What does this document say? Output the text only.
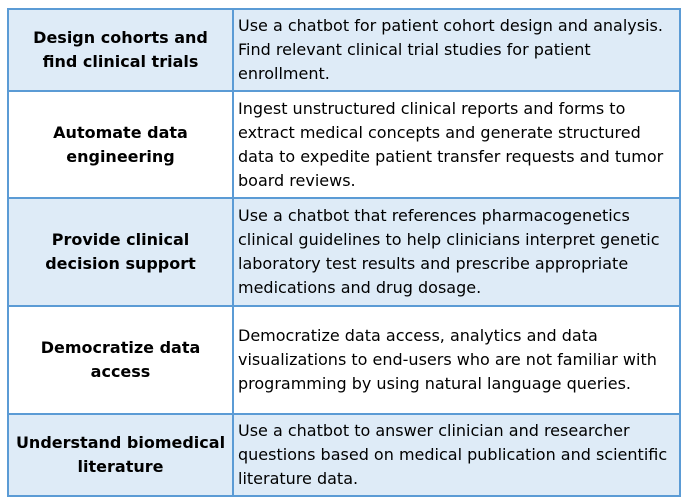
Design cohorts and find clinical trials	Use a chatbot for patient cohort design and analysis. Find relevant clinical trial studies for patient enrollment.
Automate data engineering	Ingest unstructured clinical reports and forms to extract medical concepts and generate structured data to expedite patient transfer requests and tumor board reviews.
Provide clinical decision support	Use a chatbot that references pharmacogenetics clinical guidelines to help clinicians interpret genetic laboratory test results and prescribe appropriate medications and drug dosage.
Democratize data access	Democratize data access, analytics and data visualizations to end-users who are not familiar with programming by using natural language queries.
Understand biomedical literature	Use a chatbot to answer clinician and researcher questions based on medical publication and scientific literature data.
